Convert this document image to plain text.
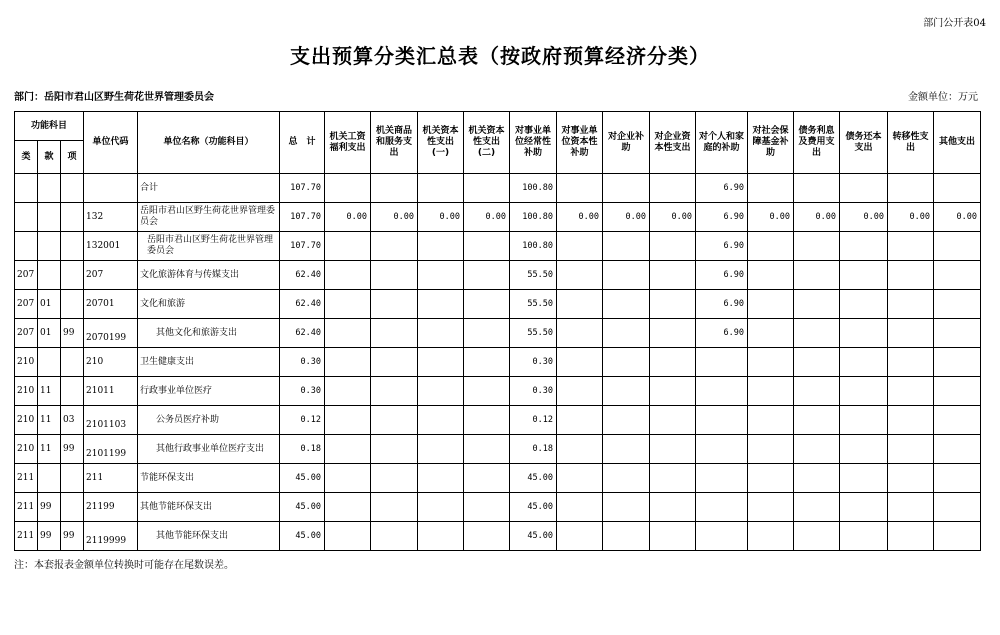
部门公开表04
支出预算分类汇总表（按政府预算经济分类）
部门：岳阳市君山区野生荷花世界管理委员会	金额单位：万元
功能科目			单位代码	单位名称（功能科目）	总　计	机关工资福利支出	机关商品和服务支出	机关资本性支出(一)	机关资本性支出(二)	对事业单位经常性补助	对事业单位资本性补助	对企业补助	对企业资本性支出	对个人和家庭的补助	对社会保障基金补助	债务利息及费用支出	债务还本支出	转移性支出	其他支出
类	款	项																	
				合计	107.70					100.80				6.90					
			132	岳阳市君山区野生荷花世界管理委员会	107.70	0.00	0.00	0.00	0.00	100.80	0.00	0.00	0.00	6.90	0.00	0.00	0.00	0.00	0.00
			132001	岳阳市君山区野生荷花世界管理委员会	107.70					100.80				6.90					
207			207	文化旅游体育与传媒支出	62.40					55.50				6.90					
207	01		20701	文化和旅游	62.40					55.50				6.90					
207	01	99	2070199	其他文化和旅游支出	62.40					55.50				6.90					
210			210	卫生健康支出	0.30					0.30									
210	11		21011	行政事业单位医疗	0.30					0.30									
210	11	03	2101103	公务员医疗补助	0.12					0.12									
210	11	99	2101199	其他行政事业单位医疗支出	0.18					0.18									
211			211	节能环保支出	45.00					45.00									
211	99		21199	其他节能环保支出	45.00					45.00									
211	99	99	2119999	其他节能环保支出	45.00					45.00									
注：本套报表金额单位转换时可能存在尾数误差。
